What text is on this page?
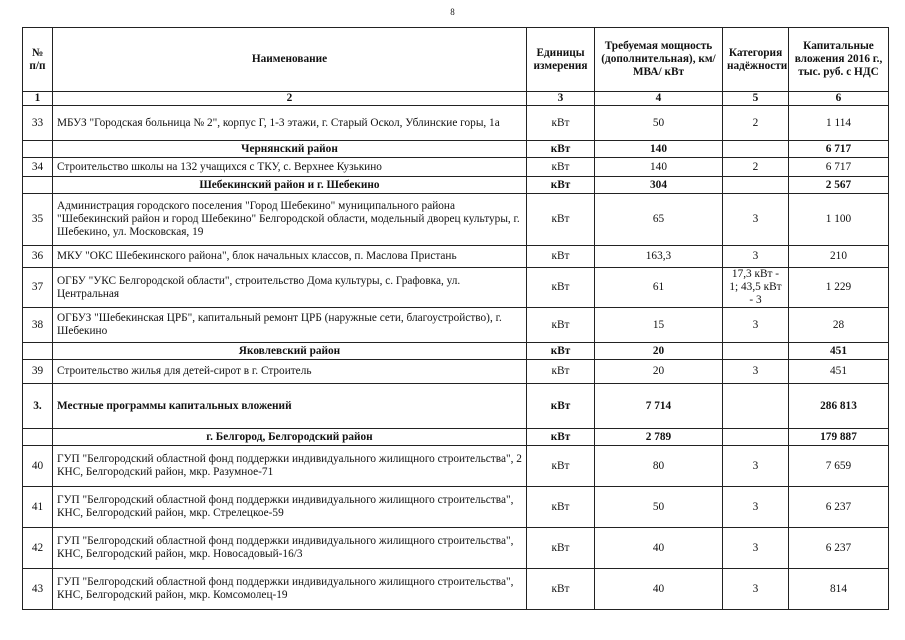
8
№ п/п	Наименование	Единицы измерения	Требуемая мощность (дополнительная), км/ МВА/ кВт	Категория надёжности	Капитальные вложения 2016 г., тыс. руб. с НДС
1	2	3	4	5	6
33	МБУЗ "Городская больница № 2", корпус Г, 1-3 этажи, г. Старый Оскол, Ублинские горы, 1а	кВт	50	2	1 114
	Чернянский район	кВт	140		6 717
34	Строительство школы на 132 учащихся с ТКУ, с. Верхнее Кузькино	кВт	140	2	6 717
	Шебекинский район и г. Шебекино	кВт	304		2 567
35	Администрация городского поселения "Город Шебекино" муниципального района "Шебекинский район и город Шебекино" Белгородской области, модельный дворец культуры, г. Шебекино, ул. Московская, 19	кВт	65	3	1 100
36	МКУ "ОКС Шебекинского района", блок начальных классов, п. Маслова Пристань	кВт	163,3	3	210
37	ОГБУ "УКС Белгородской области", строительство Дома культуры, с. Графовка, ул. Центральная	кВт	61	17,3 кВт - 1; 43,5 кВт - 3	1 229
38	ОГБУЗ "Шебекинская ЦРБ", капитальный ремонт ЦРБ (наружные сети, благоустройство), г. Шебекино	кВт	15	3	28
	Яковлевский район	кВт	20		451
39	Строительство жилья для детей-сирот в г. Строитель	кВт	20	3	451
3.	Местные программы капитальных вложений	кВт	7 714		286 813
	г. Белгород, Белгородский район	кВт	2 789		179 887
40	ГУП "Белгородский областной фонд поддержки индивидуального жилищного строительства", 2 КНС, Белгородский район, мкр. Разумное-71	кВт	80	3	7 659
41	ГУП "Белгородский областной фонд поддержки индивидуального жилищного строительства", КНС, Белгородский район, мкр. Стрелецкое-59	кВт	50	3	6 237
42	ГУП "Белгородский областной фонд поддержки индивидуального жилищного строительства", КНС, Белгородский район, мкр. Новосадовый-16/3	кВт	40	3	6 237
43	ГУП "Белгородский областной фонд поддержки индивидуального жилищного строительства", КНС, Белгородский район, мкр. Комсомолец-19	кВт	40	3	814
